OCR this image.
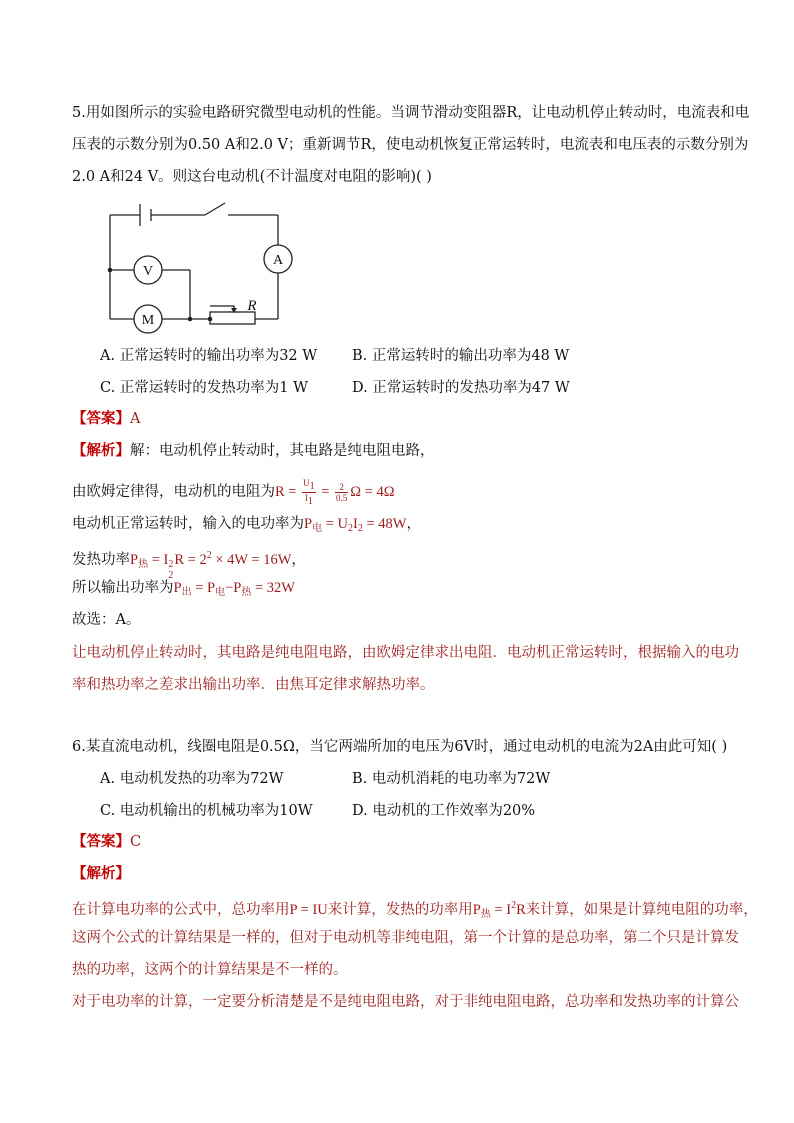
5.用如图所示的实验电路研究微型电动机的性能。当调节滑动变阻器R，让电动机停止转动时，电流表和电
压表的示数分别为0.50 A和2.0 V；重新调节R，使电动机恢复正常运转时，电流表和电压表的示数分别为
2.0 A和24 V。则这台电动机(不计温度对电阻的影响)( )
V
A
M
R
A. 正常运转时的输出功率为32 W B. 正常运转时的输出功率为48 W
C. 正常运转时的发热功率为1 W	D. 正常运转时的发热功率为47 W
【答案】A
【解析】解：电动机停止转动时，其电路是纯电阻电路，
由欧姆定律得，电动机的电阻为$R = \frac{U1}{I1} = \frac{2}{0.5}$ Ω = 4Ω
电动机正常运转时，输入的电功率为$P_电 = U_2I_2 = 48W$，
发热功率$P_热 = I$ 2
2
$R = 2^2 \times 4W = 16W$，
所以输出功率为$P_出 = P_电-P_热 = 32W$
故选：A。
让电动机停止转动时，其电路是纯电阻电路，由欧姆定律求出电阻．电动机正常运转时，根据输入的电功
率和热功率之差求出输出功率．由焦耳定律求解热功率。
6.某直流电动机，线圈电阻是0.5Ω，当它两端所加的电压为6V时，通过电动机的电流为2A由此可知( )
A. 电动机发热的功率为72W	B. 电动机消耗的电功率为72W
C. 电动机输出的机械功率为10W	D. 电动机的工作效率为20%
【答案】C
【解析】
在计算电功率的公式中，总功率用P = IU来计算，发热的功率用$P_热 = I^2R$来计算，如果是计算纯电阻的功率，
这两个公式的计算结果是一样的，但对于电动机等非纯电阻，第一个计算的是总功率，第二个只是计算发
热的功率，这两个的计算结果是不一样的。
对于电功率的计算，一定要分析清楚是不是纯电阻电路，对于非纯电阻电路，总功率和发热功率的计算公
